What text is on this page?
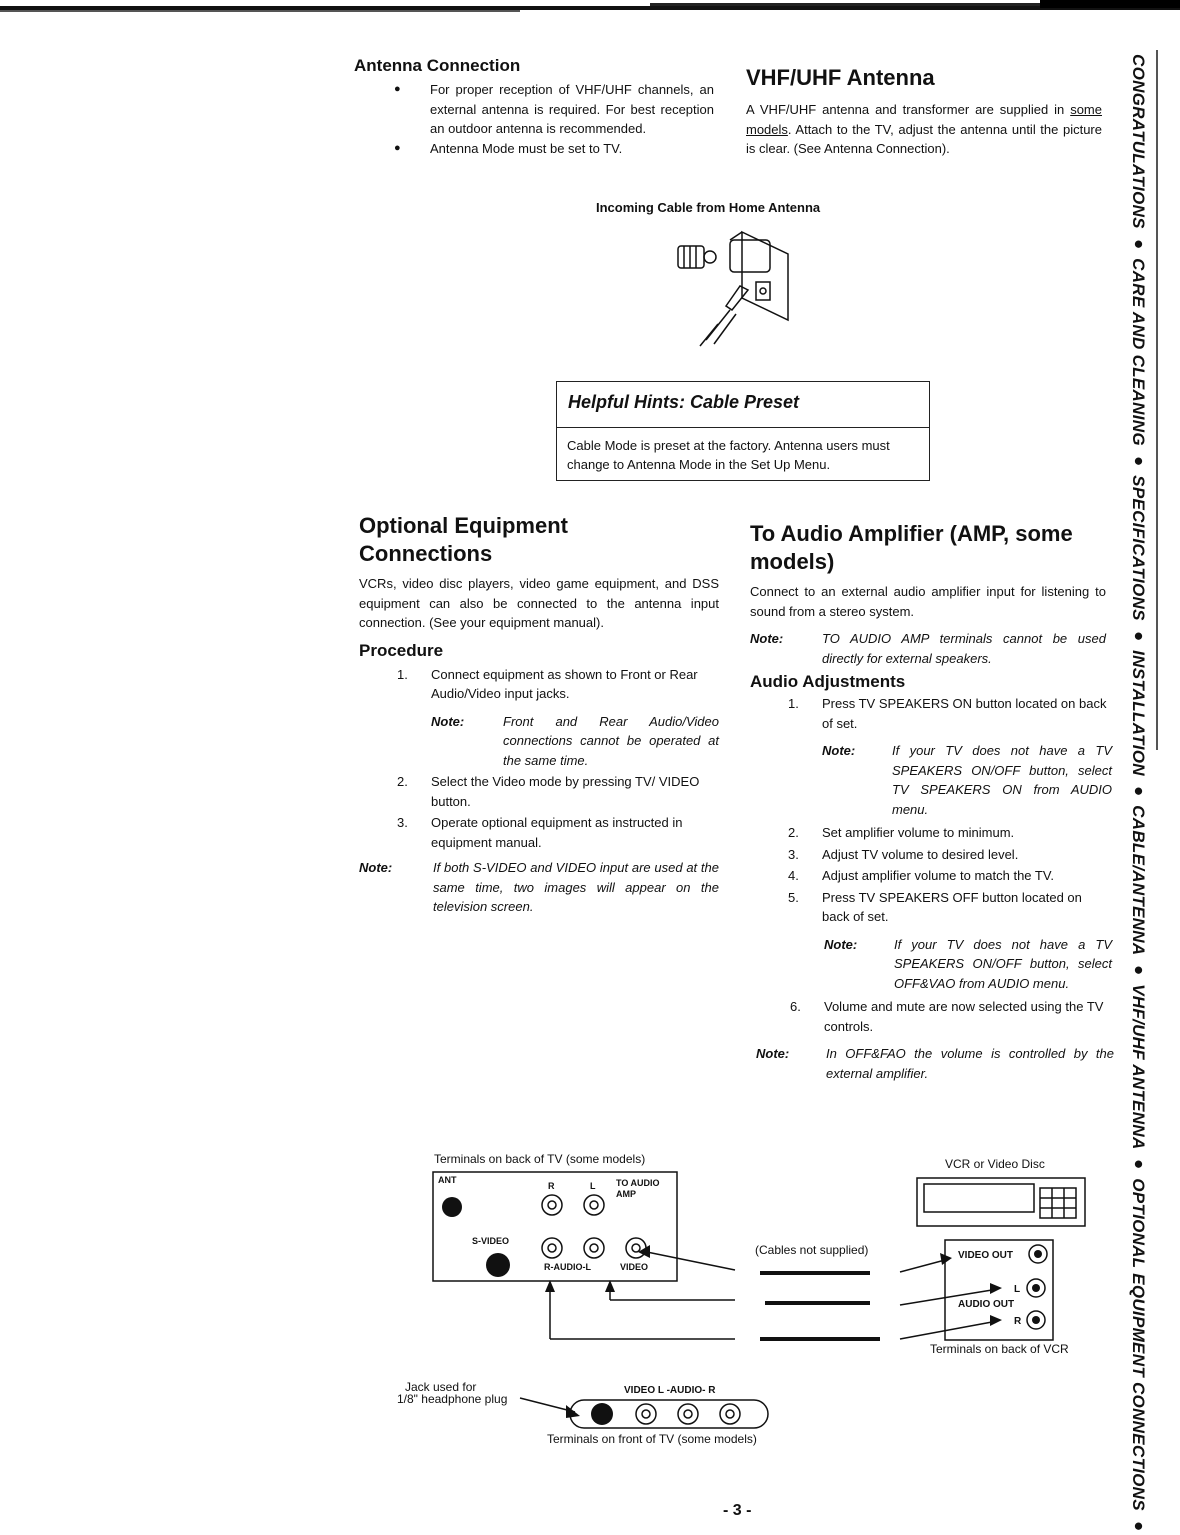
Antenna Connection
● For proper reception of VHF/UHF channels, an external antenna is required. For best reception an outdoor antenna is recommended.
● Antenna Mode must be set to TV.
VHF/UHF Antenna
A VHF/UHF antenna and transformer are supplied in some models. Attach to the TV, adjust the antenna until the picture is clear. (See Antenna Connection).
Incoming Cable from Home Antenna
Helpful Hints: Cable Preset
Cable Mode is preset at the factory. Antenna users must change to Antenna Mode in the Set Up Menu.
Optional Equipment
Connections
VCRs, video disc players, video game equipment, and DSS equipment can also be connected to the antenna input connection. (See your equipment manual).
Procedure
1. Connect equipment as shown to Front or Rear Audio/Video input jacks.
Note:	Front and Rear Audio/Video connections cannot be operated at the same time.
2. Select the Video mode by pressing TV/ VIDEO button.
3. Operate optional equipment as instructed in equipment manual.
Note:	If both S-VIDEO and VIDEO input are used at the same time, two images will appear on the television screen.
To Audio Amplifier (AMP, some
models)
Connect to an external audio amplifier input for listening to sound from a stereo system.
Note:	TO AUDIO AMP terminals cannot be used directly for external speakers.
Audio Adjustments
1. Press TV SPEAKERS ON button located on back of set.
Note:	If your TV does not have a TV SPEAKERS ON/OFF button, select TV SPEAKERS ON from AUDIO menu.
2. Set amplifier volume to minimum.
3. Adjust TV volume to desired level.
4. Adjust amplifier volume to match the TV.
5. Press TV SPEAKERS OFF button located on back of set.
Note:	If your TV does not have a TV SPEAKERS ON/OFF button, select OFF&VAO from AUDIO menu.
6. Volume and mute are now selected using the TV controls.
Note:	In OFF&FAO the volume is controlled by the external amplifier.
Terminals on back of TV (some models)
ANT
R	L TO AUDIO
AMP
S-VIDEO
R-AUDIO-L	VIDEO
(Cables not supplied)
VCR or Video Disc
VIDEO OUT
L
AUDIO OUT
R
Terminals on back of VCR
Jack used for
1/8" headphone plug
VIDEO L -AUDIO- R
Terminals on front of TV (some models)	CONGRATULATIONS ● CARE AND CLEANING ● SPECIFICATIONS ● INSTALLATION ● CABLE/ANTENNA ● VHF/UHF ANTENNA ● OPTIONAL EQUIPMENT CONNECTIONS ●
- 3 -
